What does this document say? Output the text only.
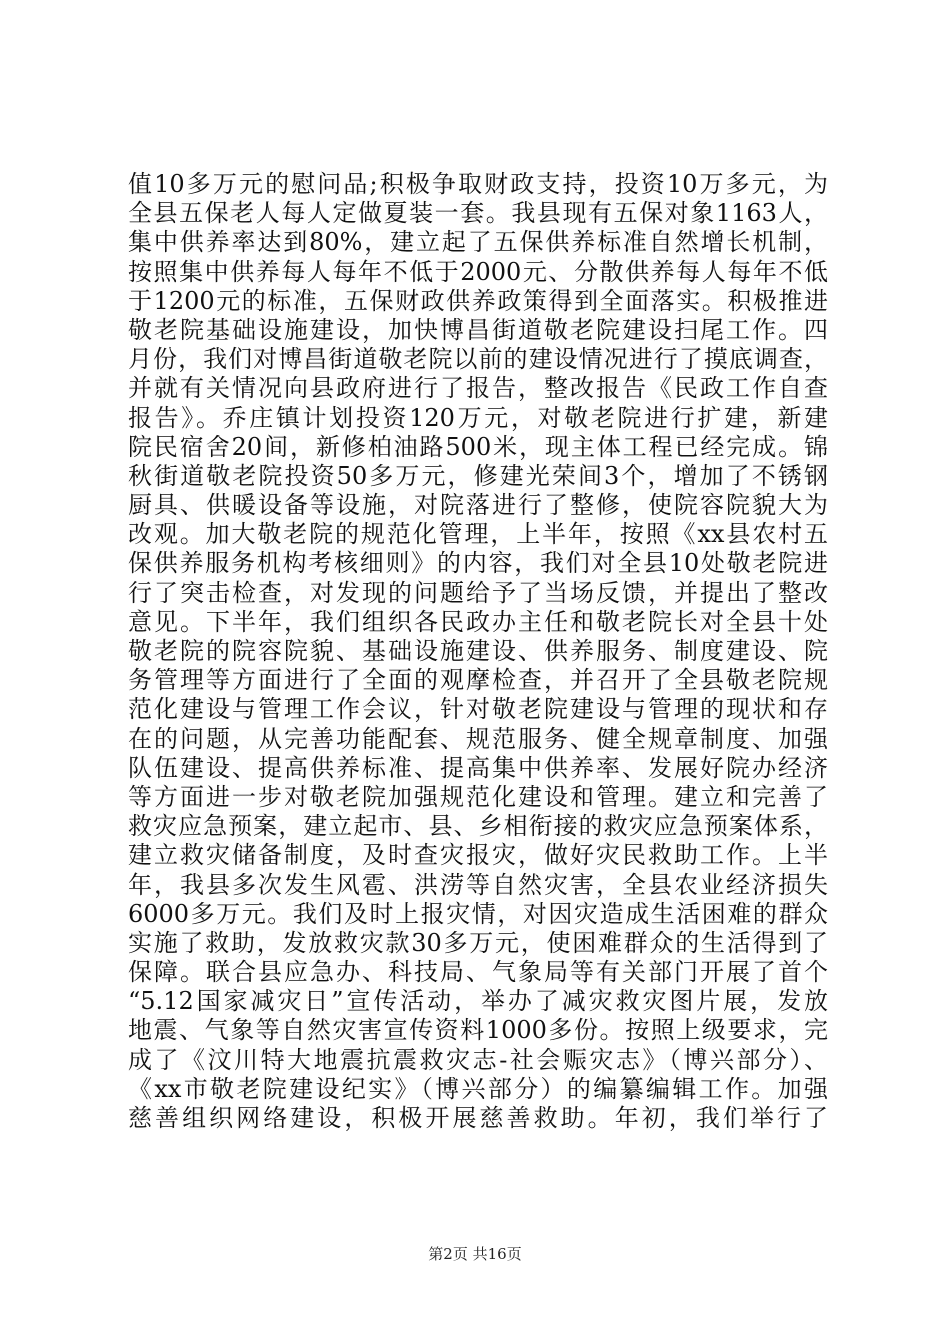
值10多万元的慰问品;积极争取财政支持，投资10万多元，为
全县五保老人每人定做夏装一套。我县现有五保对象1163人，
集中供养率达到80%，建立起了五保供养标准自然增长机制，
按照集中供养每人每年不低于2000元、分散供养每人每年不低
于1200元的标准，五保财政供养政策得到全面落实。积极推进
敬老院基础设施建设，加快博昌街道敬老院建设扫尾工作。四
月份，我们对博昌街道敬老院以前的建设情况进行了摸底调查，
并就有关情况向县政府进行了报告，整改报告《民政工作自查
报告》。乔庄镇计划投资120万元，对敬老院进行扩建，新建
院民宿舍20间，新修柏油路500米，现主体工程已经完成。锦
秋街道敬老院投资50多万元，修建光荣间3个，增加了不锈钢
厨具、供暖设备等设施，对院落进行了整修，使院容院貌大为
改观。加大敬老院的规范化管理，上半年，按照《xx县农村五
保供养服务机构考核细则》的内容，我们对全县10处敬老院进
行了突击检查，对发现的问题给予了当场反馈，并提出了整改
意见。下半年，我们组织各民政办主任和敬老院长对全县十处
敬老院的院容院貌、基础设施建设、供养服务、制度建设、院
务管理等方面进行了全面的观摩检查，并召开了全县敬老院规
范化建设与管理工作会议，针对敬老院建设与管理的现状和存
在的问题，从完善功能配套、规范服务、健全规章制度、加强
队伍建设、提高供养标准、提高集中供养率、发展好院办经济
等方面进一步对敬老院加强规范化建设和管理。建立和完善了
救灾应急预案，建立起市、县、乡相衔接的救灾应急预案体系，
建立救灾储备制度，及时查灾报灾，做好灾民救助工作。上半
年，我县多次发生风雹、洪涝等自然灾害，全县农业经济损失
6000多万元。我们及时上报灾情，对因灾造成生活困难的群众
实施了救助，发放救灾款30多万元，使困难群众的生活得到了
保障。联合县应急办、科技局、气象局等有关部门开展了首个
“5.12国家减灾日”宣传活动，举办了减灾救灾图片展，发放
地震、气象等自然灾害宣传资料1000多份。按照上级要求，完
成了《汶川特大地震抗震救灾志-社会赈灾志》（博兴部分）、
《xx市敬老院建设纪实》（博兴部分）的编纂编辑工作。加强
慈善组织网络建设，积极开展慈善救助。年初，我们举行了
第2页 共16页
